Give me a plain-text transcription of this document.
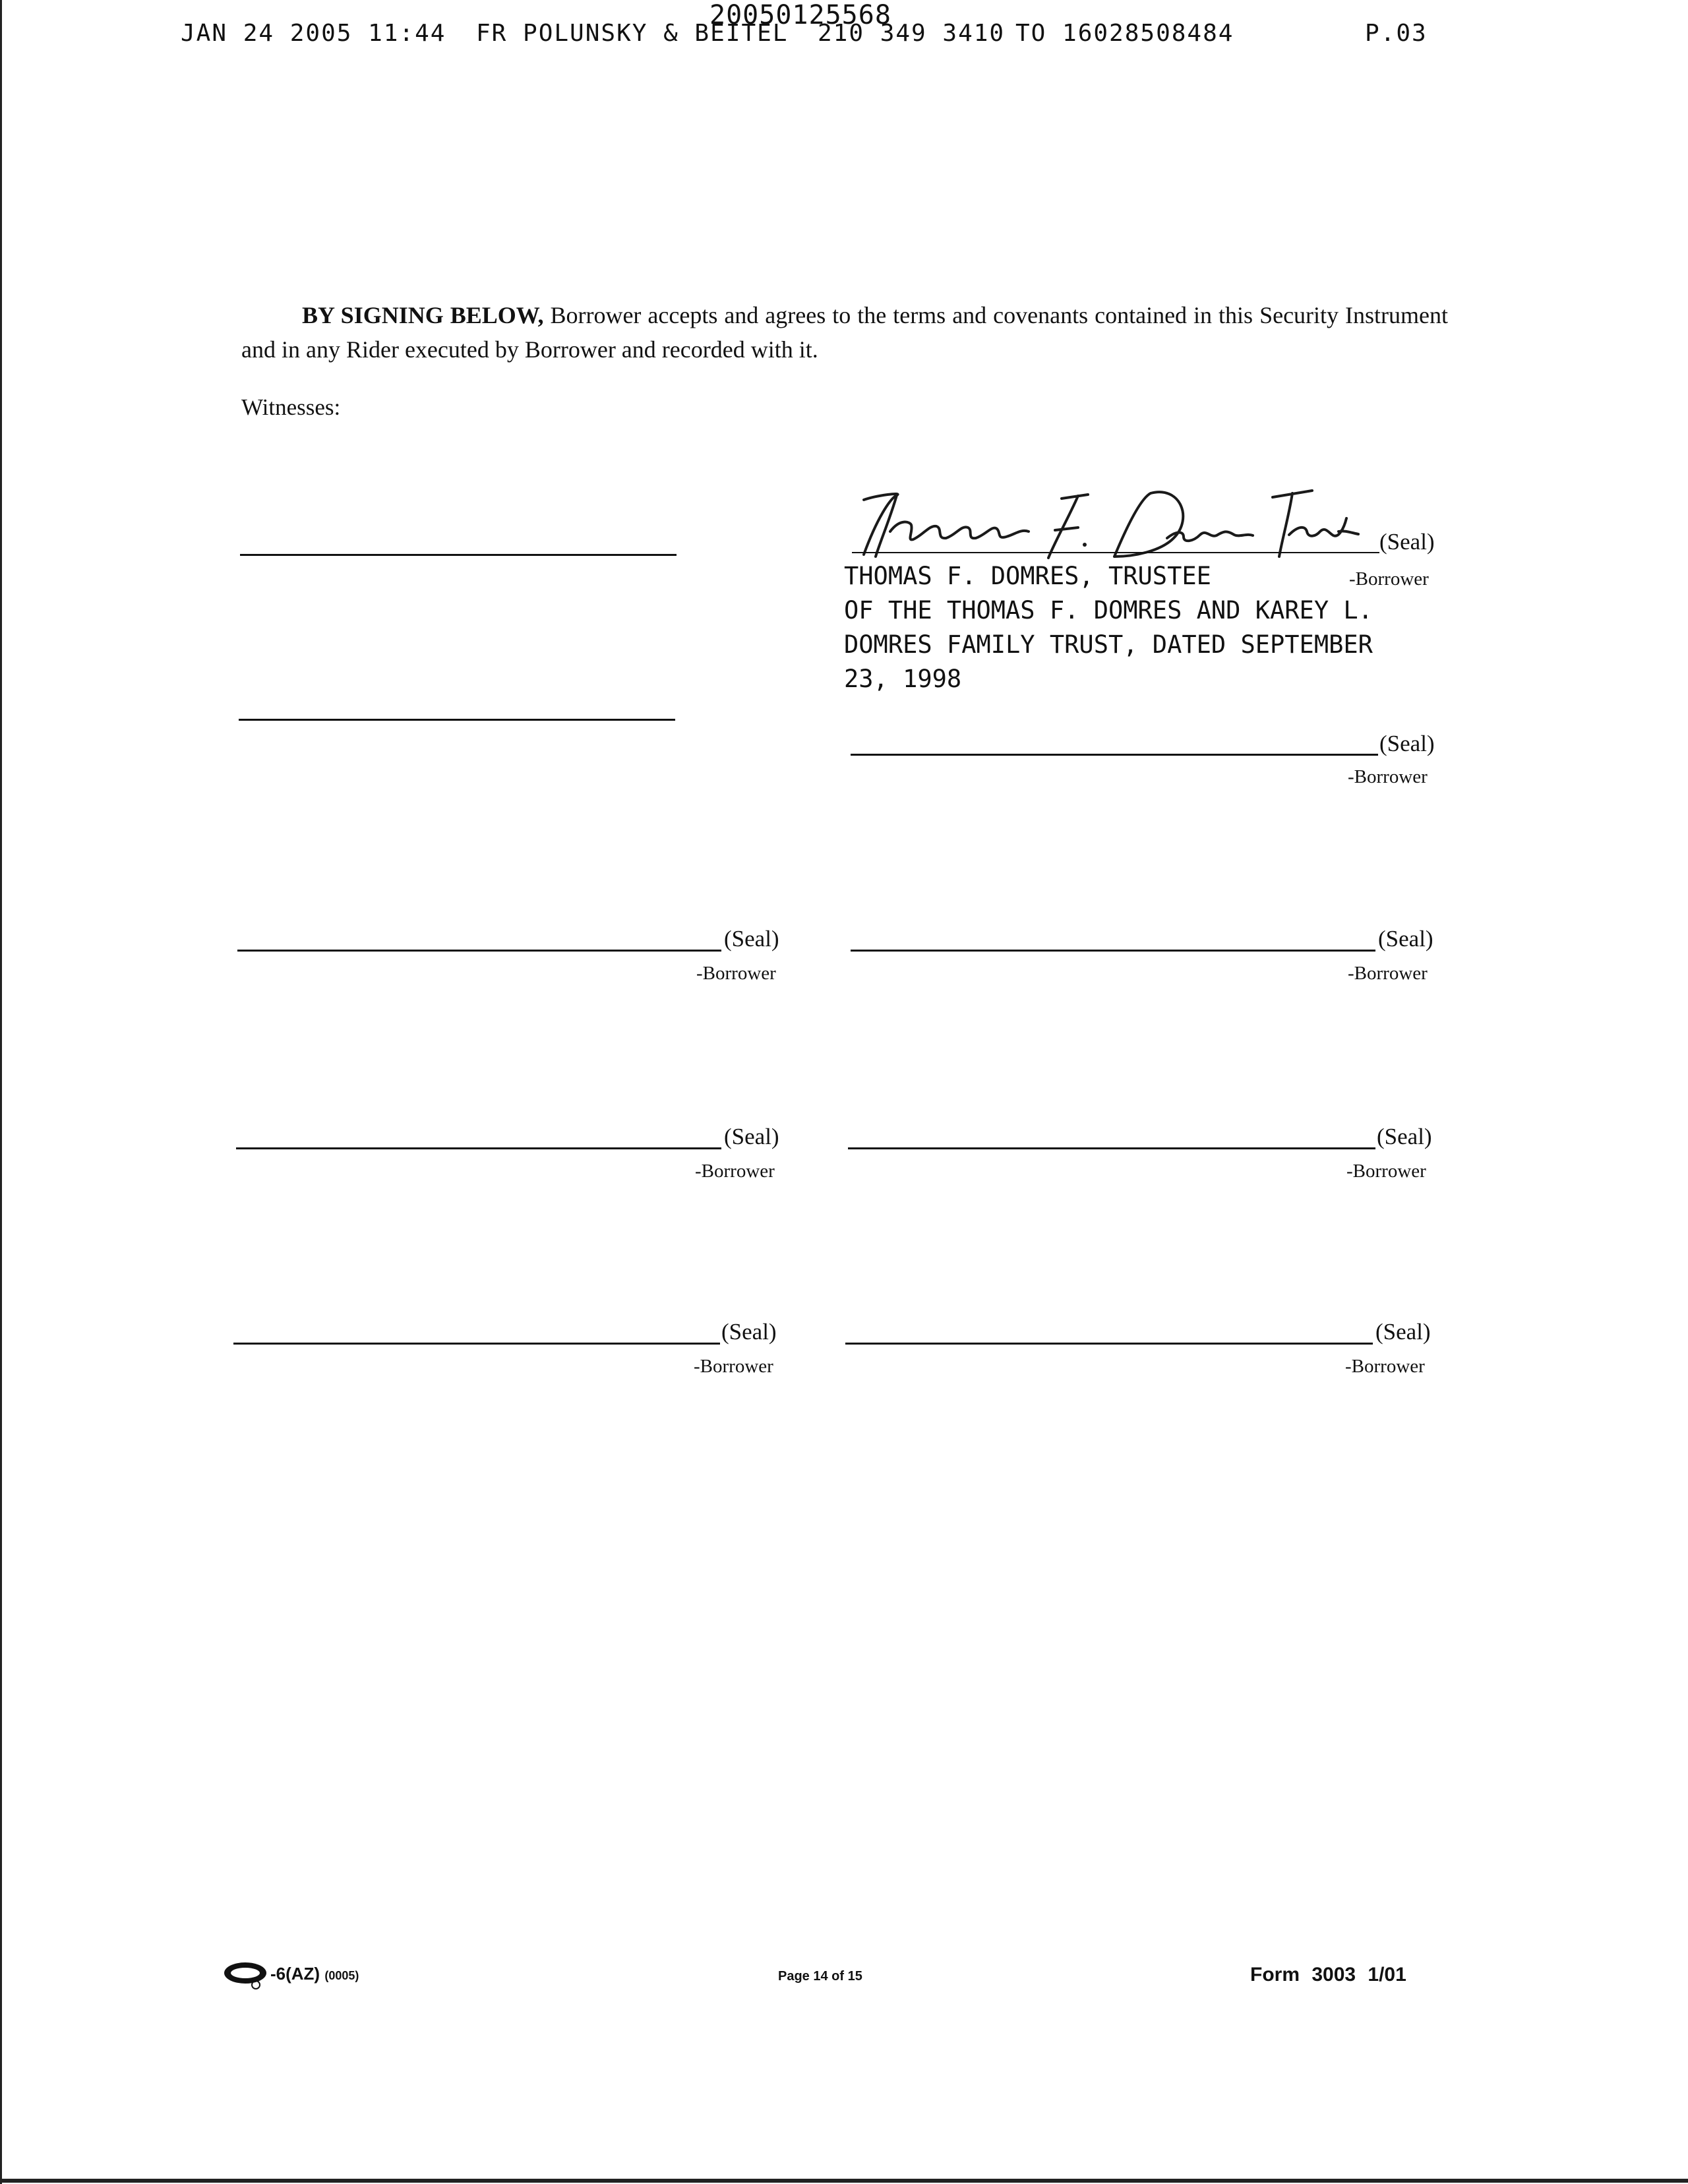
20050125568
JAN 24 2005 11:44 FR POLUNSKY & BEITEL 210 349 3410 TO 16028508484	P.03
BY SIGNING BELOW, Borrower accepts and agrees to the terms and covenants contained in this Security Instrument and in any Rider executed by Borrower and recorded with it.
Witnesses:
(Seal)
-Borrower
THOMAS F. DOMRES, TRUSTEE
OF THE THOMAS F. DOMRES AND KAREY L.
DOMRES FAMILY TRUST, DATED SEPTEMBER
23, 1998
(Seal)
-Borrower
(Seal)
-Borrower
(Seal)
-Borrower
(Seal)
-Borrower
(Seal)
-Borrower
(Seal)
-Borrower
(Seal)
-Borrower
-6(AZ) (0005)	Page 14 of 15	Form 3003 1/01
